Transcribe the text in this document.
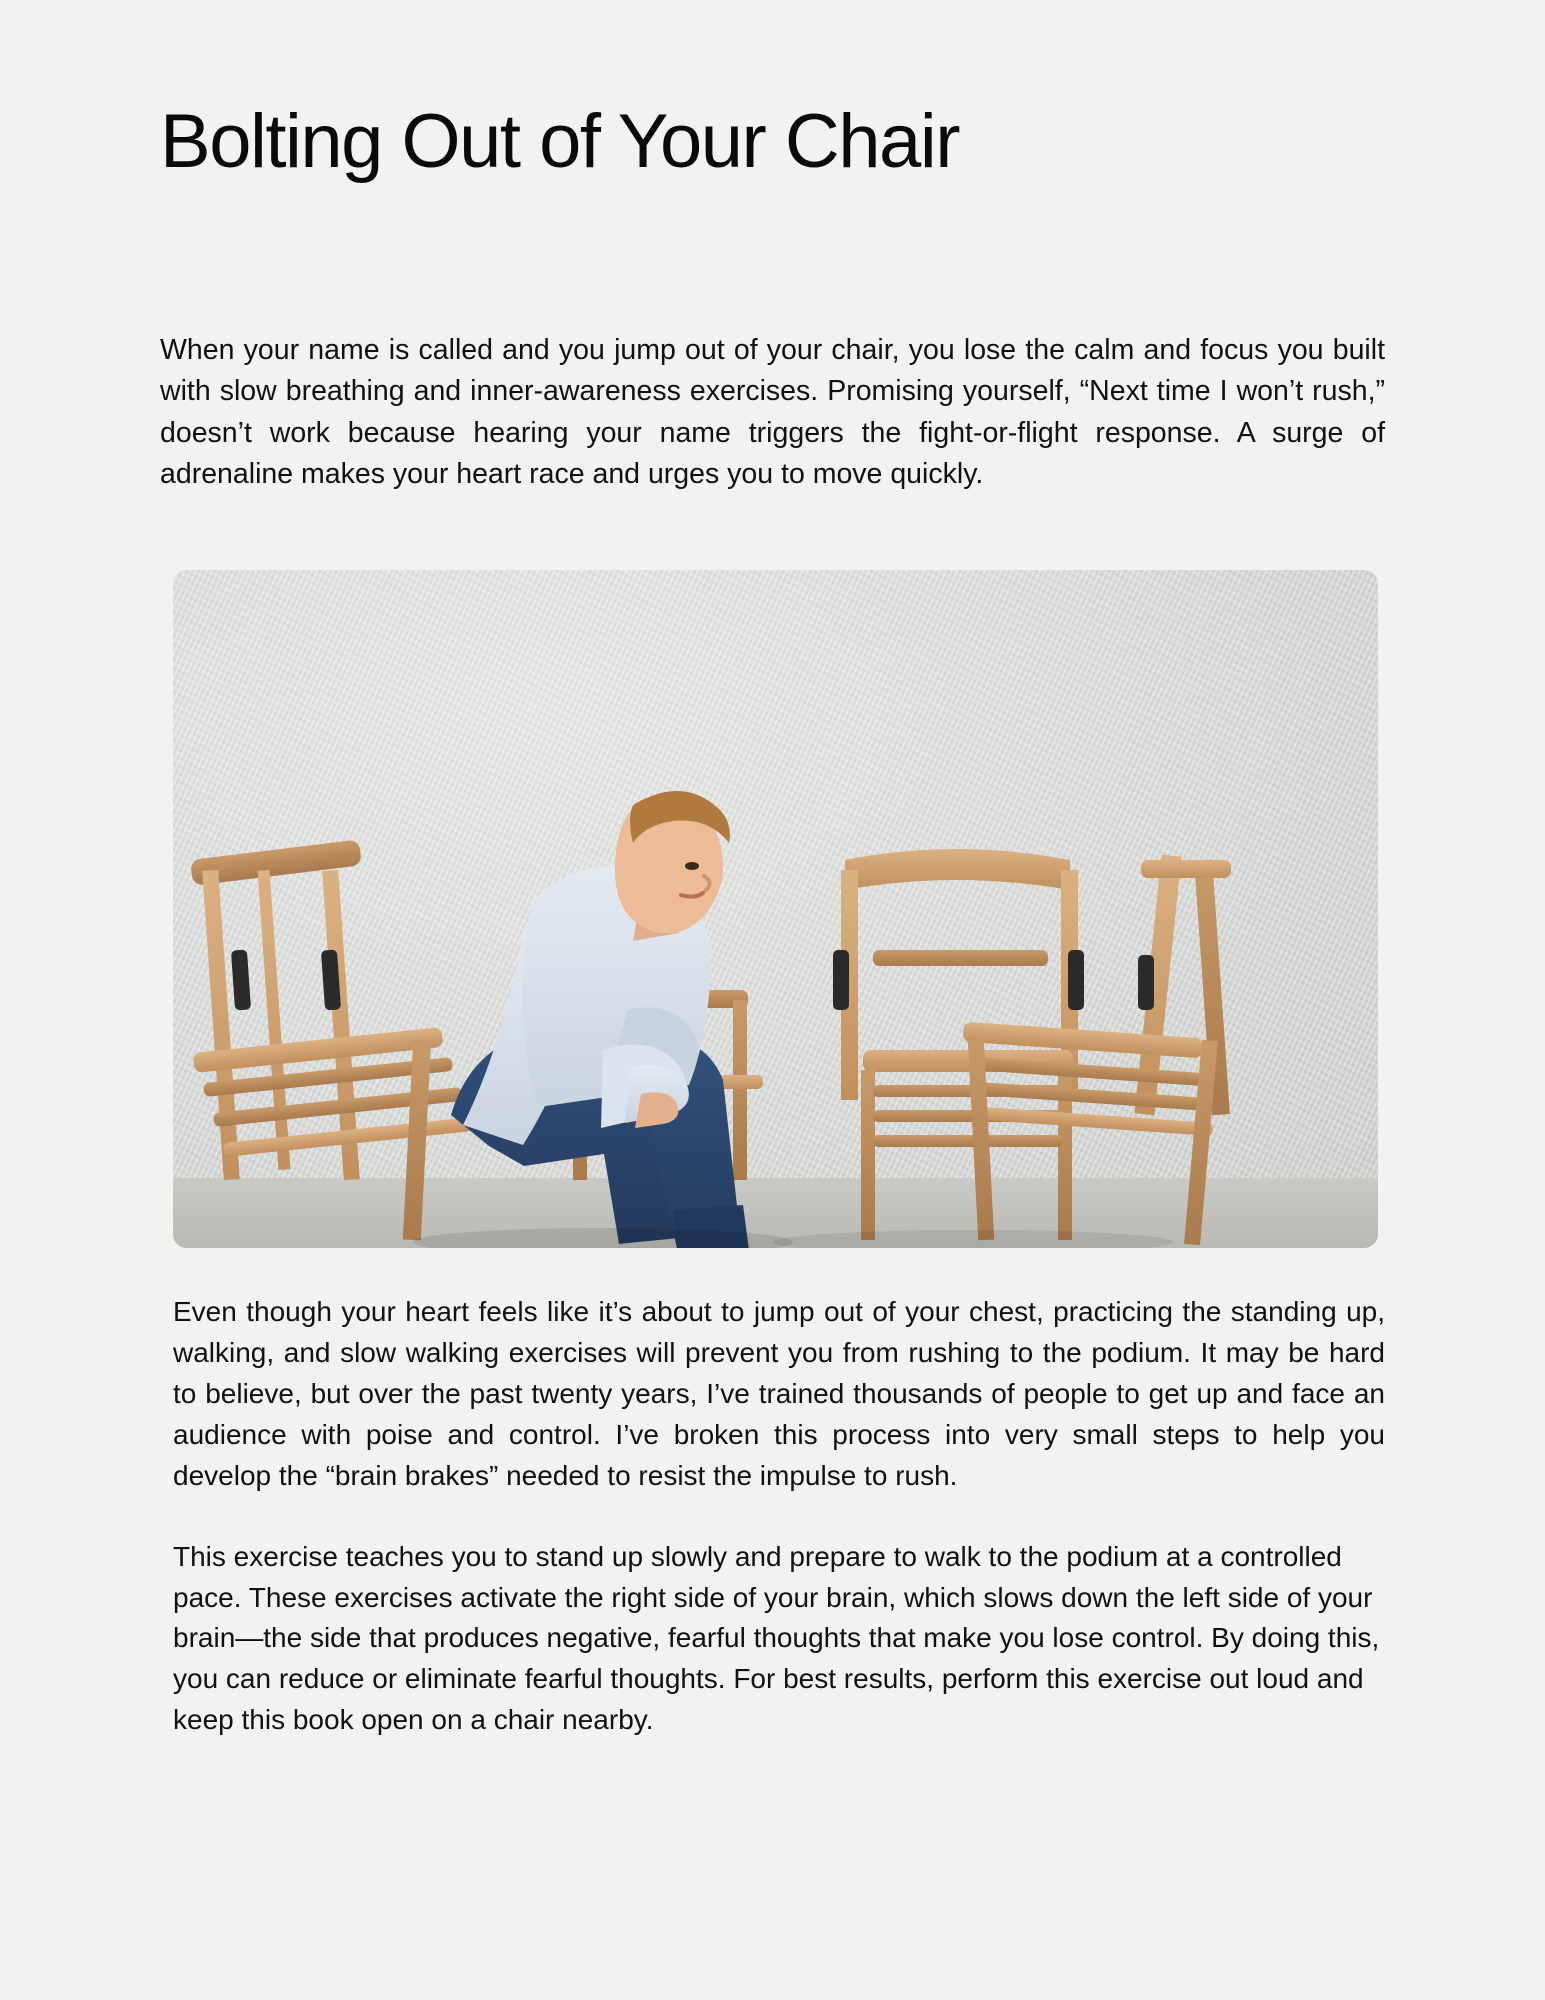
Bolting Out of Your Chair

When your name is called and you jump out of your chair, you lose the calm and focus you built with slow breathing and inner-awareness exercises. Promising yourself, “Next time I won’t rush,” doesn’t work because hearing your name triggers the fight-or-flight response. A surge of adrenaline makes your heart race and urges you to move quickly.

Even though your heart feels like it’s about to jump out of your chest, practicing the standing up, walking, and slow walking exercises will prevent you from rushing to the podium. It may be hard to believe, but over the past twenty years, I’ve trained thousands of people to get up and face an audience with poise and control. I’ve broken this process into very small steps to help you develop the “brain brakes” needed to resist the impulse to rush.

This exercise teaches you to stand up slowly and prepare to walk to the podium at a controlled pace. These exercises activate the right side of your brain, which slows down the left side of your brain—the side that produces negative, fearful thoughts that make you lose control. By doing this, you can reduce or eliminate fearful thoughts. For best results, perform this exercise out loud and keep this book open on a chair nearby.
